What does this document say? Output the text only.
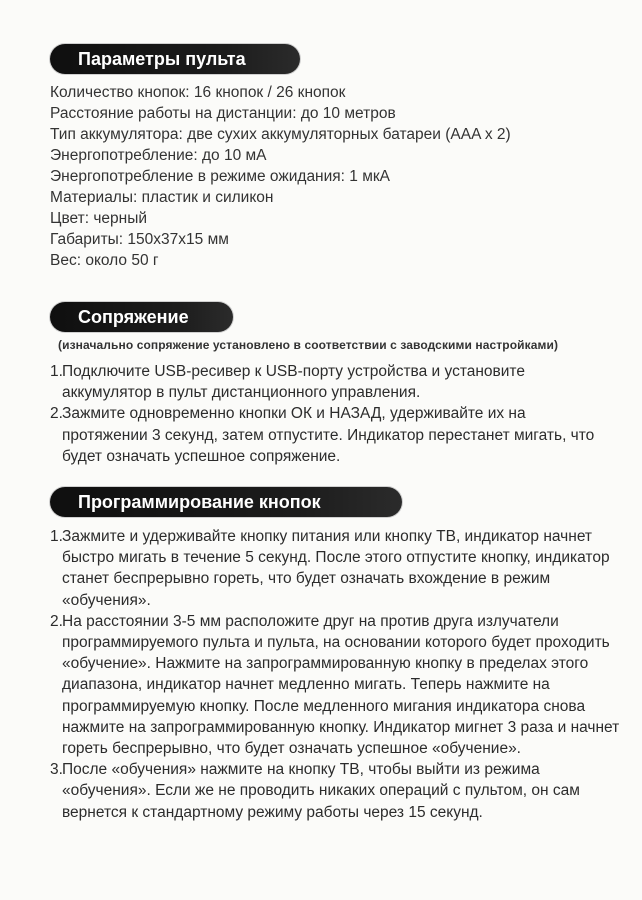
Параметры пульта
Количество кнопок: 16 кнопок / 26 кнопок
Расстояние работы на дистанции: до 10 метров
Тип аккумулятора: две сухих аккумуляторных батареи (AAA x 2)
Энергопотребление: до 10 мА
Энергопотребление в режиме ожидания: 1 мкА
Материалы: пластик и силикон
Цвет: черный
Габариты: 150x37x15 мм
Вес: около 50 г
Сопряжение
(изначально сопряжение установлено в соответствии с заводскими настройками)
1. Подключите USB-ресивер к USB-порту устройства и установите аккумулятор в пульт дистанционного управления.
2. Зажмите одновременно кнопки ОК и НАЗАД, удерживайте их на протяжении 3 секунд, затем отпустите. Индикатор перестанет мигать, что будет означать успешное сопряжение.
Программирование кнопок
1. Зажмите и удерживайте кнопку питания или кнопку ТВ, индикатор начнет быстро мигать в течение 5 секунд. После этого отпустите кнопку, индикатор станет беспрерывно гореть, что будет означать вхождение в режим «обучения».
2. На расстоянии 3-5 мм расположите друг на против друга излучатели программируемого пульта и пульта, на основании которого будет проходить «обучение». Нажмите на запрограммированную кнопку в пределах этого диапазона, индикатор начнет медленно мигать. Теперь нажмите на программируемую кнопку. После медленного мигания индикатора снова нажмите на запрограммированную кнопку. Индикатор мигнет 3 раза и начнет гореть беспрерывно, что будет означать успешное «обучение».
3. После «обучения» нажмите на кнопку ТВ, чтобы выйти из режима «обучения». Если же не проводить никаких операций с пультом, он сам вернется к стандартному режиму работы через 15 секунд.
